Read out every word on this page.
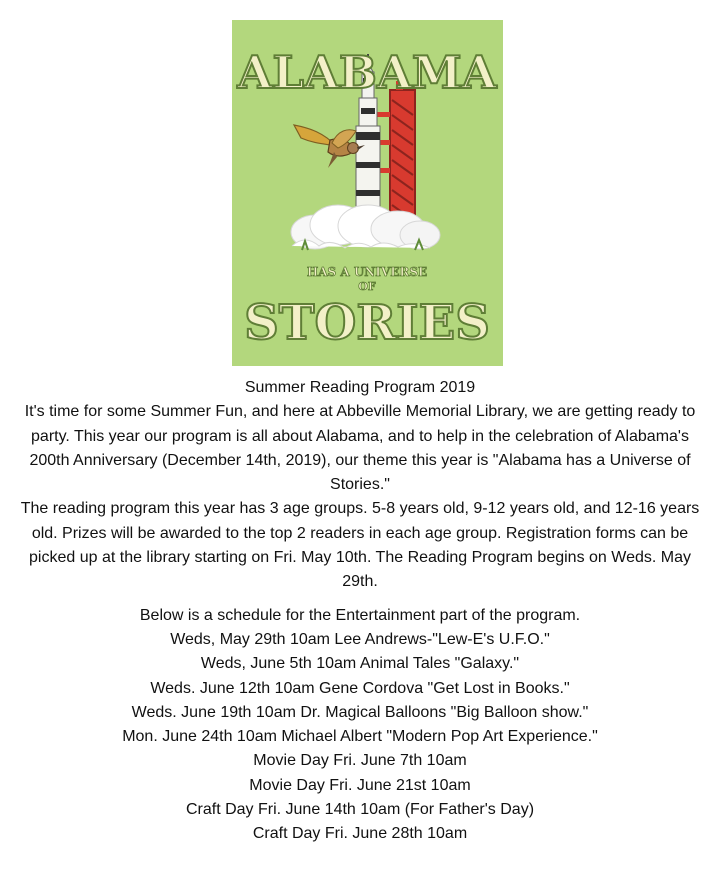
ALABAMA
HAS A UNIVERSE
OF
STORIES

Summer Reading Program 2019

It's time for some Summer Fun, and here at Abbeville Memorial Library, we are getting ready to party. This year our program is all about Alabama, and to help in the celebration of Alabama's 200th Anniversary (December 14th, 2019), our theme this year is "Alabama has a Universe of Stories."

The reading program this year has 3 age groups. 5-8 years old, 9-12 years old, and 12-16 years old. Prizes will be awarded to the top 2 readers in each age group. Registration forms can be picked up at the library starting on Fri. May 10th. The Reading Program begins on Weds. May 29th.

Below is a schedule for the Entertainment part of the program.

Weds, May 29th 10am Lee Andrews-"Lew-E's U.F.O."

Weds, June 5th 10am Animal Tales "Galaxy."

Weds. June 12th 10am Gene Cordova "Get Lost in Books."

Weds. June 19th 10am Dr. Magical Balloons "Big Balloon show."

Mon. June 24th 10am Michael Albert "Modern Pop Art Experience."

Movie Day Fri. June 7th 10am

Movie Day Fri. June 21st 10am

Craft Day Fri. June 14th 10am (For Father's Day)

Craft Day Fri. June 28th 10am
